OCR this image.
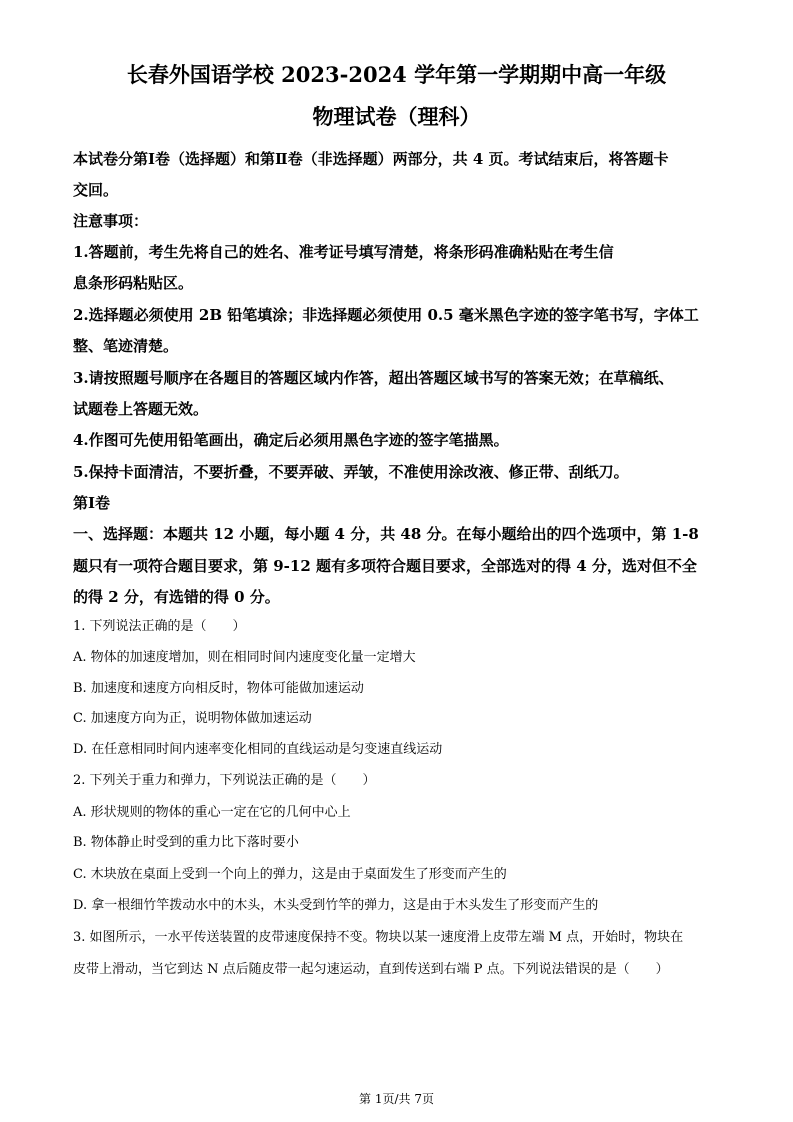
长春外国语学校 2023-2024 学年第一学期期中高一年级
物理试卷（理科）
本试卷分第Ⅰ卷（选择题）和第Ⅱ卷（非选择题）两部分，共 4 页。考试结束后，将答题卡
交回。
注意事项：
1.答题前，考生先将自己的姓名、准考证号填写清楚，将条形码准确粘贴在考生信
息条形码粘贴区。
2.选择题必须使用 2B 铅笔填涂；非选择题必须使用 0.5 毫米黑色字迹的签字笔书写，字体工
整、笔迹清楚。
3.请按照题号顺序在各题目的答题区域内作答，超出答题区域书写的答案无效；在草稿纸、
试题卷上答题无效。
4.作图可先使用铅笔画出，确定后必须用黑色字迹的签字笔描黑。
5.保持卡面清洁，不要折叠，不要弄破、弄皱，不准使用涂改液、修正带、刮纸刀。
第Ⅰ卷
一、选择题：本题共 12 小题，每小题 4 分，共 48 分。在每小题给出的四个选项中，第 1-8
题只有一项符合题目要求，第 9-12 题有多项符合题目要求，全部选对的得 4 分，选对但不全
的得 2 分，有选错的得 0 分。
1. 下列说法正确的是（　　）
A. 物体的加速度增加，则在相同时间内速度变化量一定增大
B. 加速度和速度方向相反时，物体可能做加速运动
C. 加速度方向为正，说明物体做加速运动
D. 在任意相同时间内速率变化相同的直线运动是匀变速直线运动
2. 下列关于重力和弹力，下列说法正确的是（　　）
A. 形状规则的物体的重心一定在它的几何中心上
B. 物体静止时受到的重力比下落时要小
C. 木块放在桌面上受到一个向上的弹力，这是由于桌面发生了形变而产生的
D. 拿一根细竹竿拨动水中的木头，木头受到竹竿的弹力，这是由于木头发生了形变而产生的
3. 如图所示，一水平传送装置的皮带速度保持不变。物块以某一速度滑上皮带左端 M 点，开始时，物块在
皮带上滑动，当它到达 N 点后随皮带一起匀速运动，直到传送到右端 P 点。下列说法错误的是（　　）
第 1页/共 7页
